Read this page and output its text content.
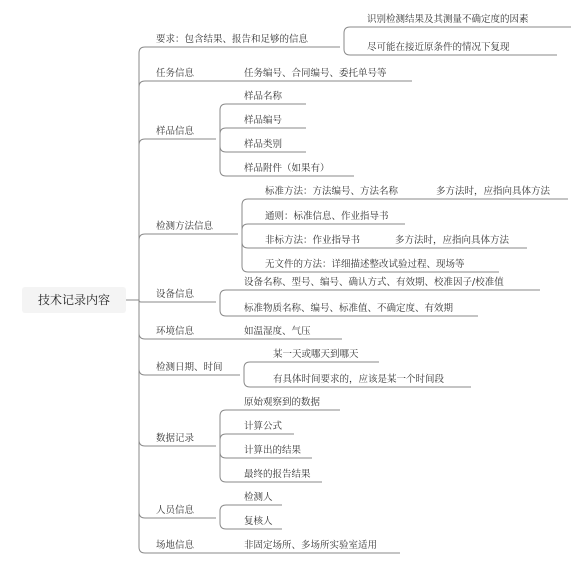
技术记录内容
要求：包含结果、报告和足够的信息
识别检测结果及其测量不确定度的因素
尽可能在接近原条件的情况下复现
任务信息	任务编号、合同编号、委托单号等
样品信息
样品名称
样品编号
样品类别
样品附件（如果有）
检测方法信息
标准方法：方法编号、方法名称	多方法时，应指向具体方法
通则：标准信息、作业指导书
非标方法：作业指导书	多方法时，应指向具体方法
无文件的方法：详细描述整改试验过程、现场等
设备信息
设备名称、型号、编号、确认方式、有效期、校准因子/校准值
标准物质名称、编号、标准值、不确定度、有效期
环境信息	如温湿度、气压
检测日期、时间
某一天或哪天到哪天
有具体时间要求的，应该是某一个时间段
数据记录
原始观察到的数据
计算公式
计算出的结果
最终的报告结果
人员信息
检测人
复核人
场地信息	非固定场所、多场所实验室适用
